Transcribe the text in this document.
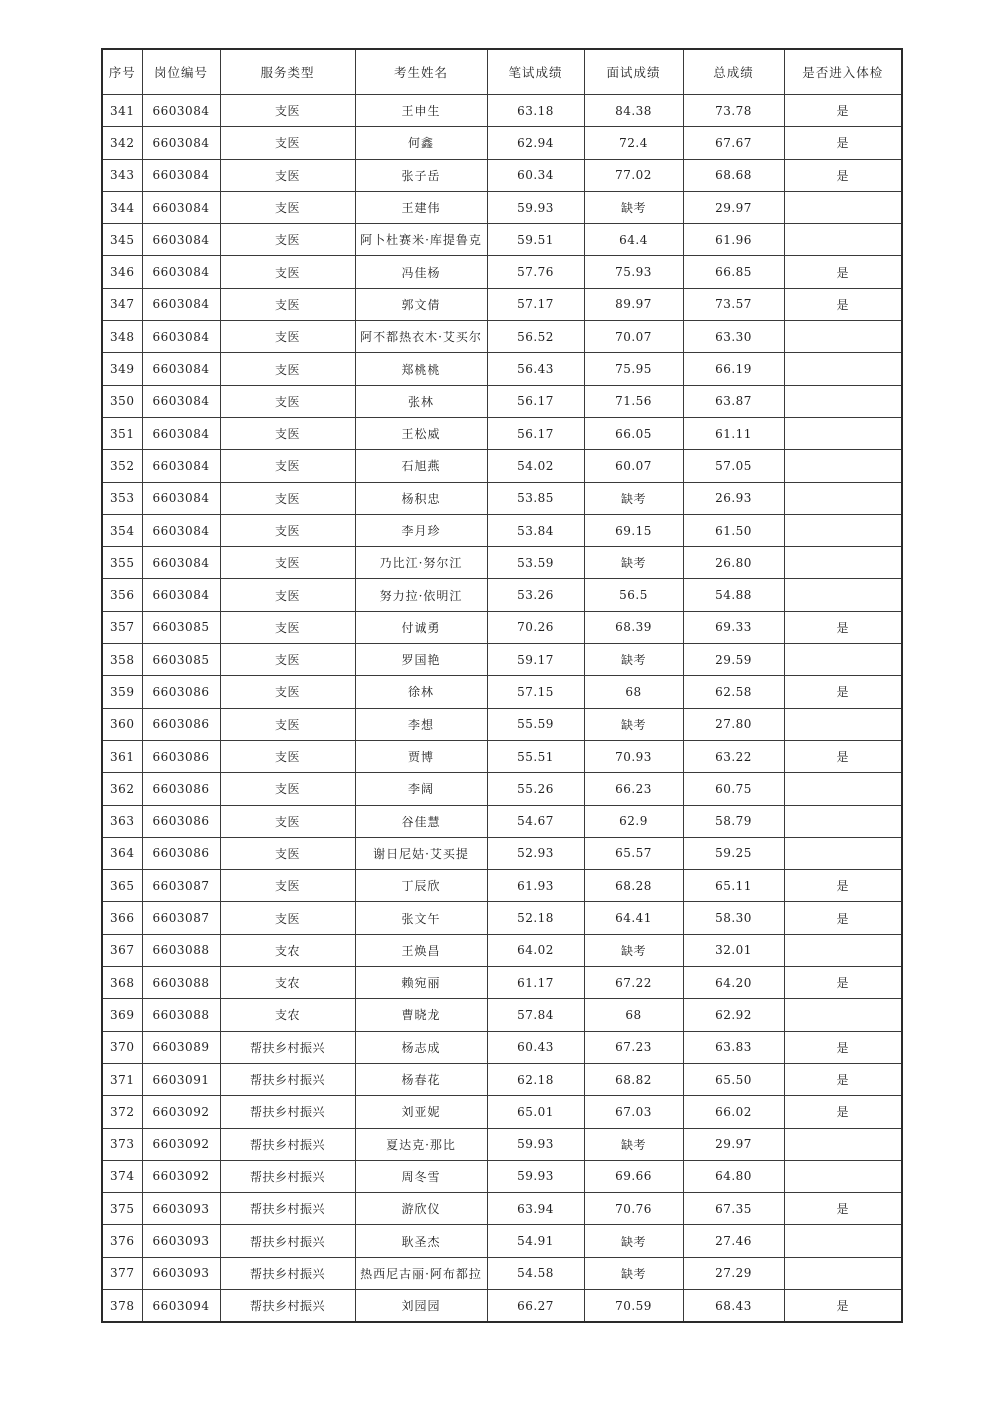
序号	岗位编号	服务类型	考生姓名	笔试成绩	面试成绩	总成绩	是否进入体检
341	6603084	支医	王申生	63.18	84.38	73.78	是
342	6603084	支医	何鑫	62.94	72.4	67.67	是
343	6603084	支医	张子岳	60.34	77.02	68.68	是
344	6603084	支医	王建伟	59.93	缺考	29.97	
345	6603084	支医	阿卜杜赛米·库提鲁克	59.51	64.4	61.96	
346	6603084	支医	冯佳杨	57.76	75.93	66.85	是
347	6603084	支医	郭文倩	57.17	89.97	73.57	是
348	6603084	支医	阿不都热衣木·艾买尔	56.52	70.07	63.30	
349	6603084	支医	郑桃桃	56.43	75.95	66.19	
350	6603084	支医	张林	56.17	71.56	63.87	
351	6603084	支医	王松威	56.17	66.05	61.11	
352	6603084	支医	石旭燕	54.02	60.07	57.05	
353	6603084	支医	杨积忠	53.85	缺考	26.93	
354	6603084	支医	李月珍	53.84	69.15	61.50	
355	6603084	支医	乃比江·努尔江	53.59	缺考	26.80	
356	6603084	支医	努力拉·依明江	53.26	56.5	54.88	
357	6603085	支医	付诚勇	70.26	68.39	69.33	是
358	6603085	支医	罗国艳	59.17	缺考	29.59	
359	6603086	支医	徐林	57.15	68	62.58	是
360	6603086	支医	李想	55.59	缺考	27.80	
361	6603086	支医	贾博	55.51	70.93	63.22	是
362	6603086	支医	李阔	55.26	66.23	60.75	
363	6603086	支医	谷佳慧	54.67	62.9	58.79	
364	6603086	支医	谢日尼姑·艾买提	52.93	65.57	59.25	
365	6603087	支医	丁辰欣	61.93	68.28	65.11	是
366	6603087	支医	张文午	52.18	64.41	58.30	是
367	6603088	支农	王焕昌	64.02	缺考	32.01	
368	6603088	支农	赖宛丽	61.17	67.22	64.20	是
369	6603088	支农	曹晓龙	57.84	68	62.92	
370	6603089	帮扶乡村振兴	杨志成	60.43	67.23	63.83	是
371	6603091	帮扶乡村振兴	杨春花	62.18	68.82	65.50	是
372	6603092	帮扶乡村振兴	刘亚妮	65.01	67.03	66.02	是
373	6603092	帮扶乡村振兴	夏达克·那比	59.93	缺考	29.97	
374	6603092	帮扶乡村振兴	周冬雪	59.93	69.66	64.80	
375	6603093	帮扶乡村振兴	游欣仪	63.94	70.76	67.35	是
376	6603093	帮扶乡村振兴	耿圣杰	54.91	缺考	27.46	
377	6603093	帮扶乡村振兴	热西尼古丽·阿布都拉	54.58	缺考	27.29	
378	6603094	帮扶乡村振兴	刘园园	66.27	70.59	68.43	是
